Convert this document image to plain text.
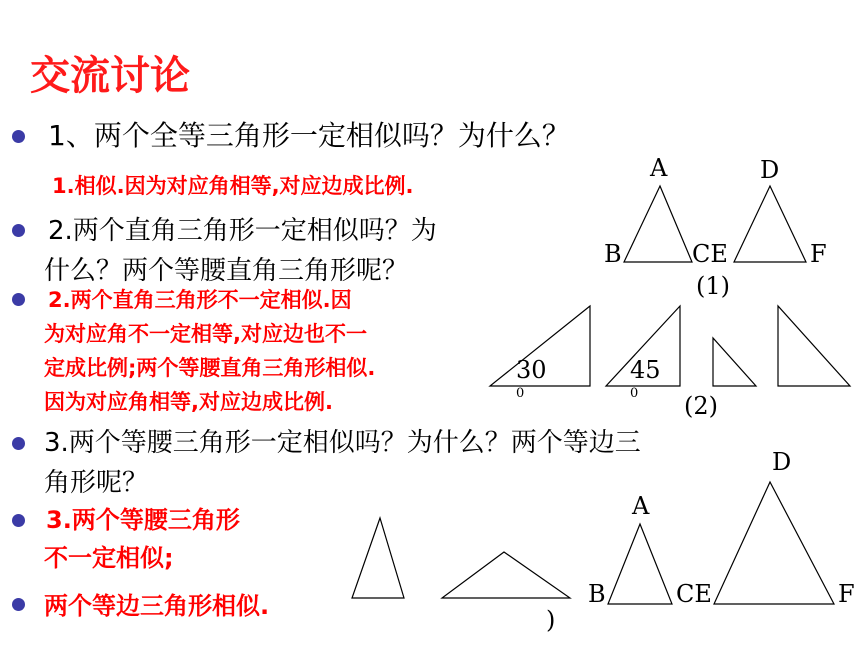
交流讨论
1、两个全等三角形一定相似吗？为什么？
1.相似.因为对应角相等,对应边成比例.
2.两个直角三角形一定相似吗？为
什么？两个等腰直角三角形呢？
2.两个直角三角形不一定相似.因
为对应角不一定相等,对应边也不一
定成比例;两个等腰直角三角形相似.
因为对应角相等,对应边成比例.
3.两个等腰三角形一定相似吗？为什么？两个等边三
角形呢？
3.两个等腰三角形
不一定相似;
两个等边三角形相似.
A
B	CE
D
F
(1)
30
0
45
0 (2)
A
B	CE
D
F
)
